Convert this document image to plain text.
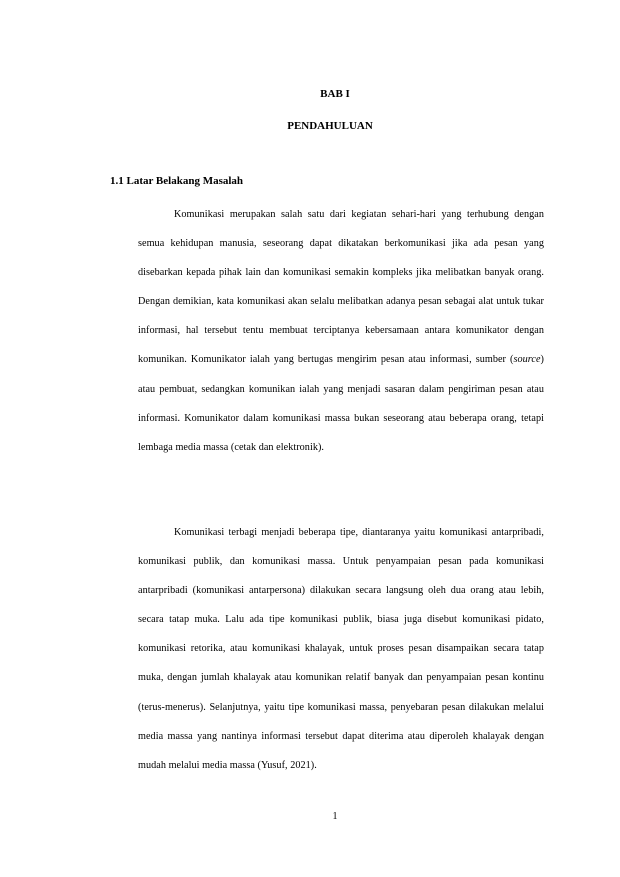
BAB I
PENDAHULUAN
1.1 Latar Belakang Masalah

Komunikasi merupakan salah satu dari kegiatan sehari-hari yang terhubung dengan semua kehidupan manusia, seseorang dapat dikatakan berkomunikasi jika ada pesan yang disebarkan kepada pihak lain dan komunikasi semakin kompleks jika melibatkan banyak orang. Dengan demikian, kata komunikasi akan selalu melibatkan adanya pesan sebagai alat untuk tukar informasi, hal tersebut tentu membuat terciptanya kebersamaan antara komunikator dengan komunikan. Komunikator ialah yang bertugas mengirim pesan atau informasi, sumber (source) atau pembuat, sedangkan komunikan ialah yang menjadi sasaran dalam pengiriman pesan atau informasi. Komunikator dalam komunikasi massa bukan seseorang atau beberapa orang, tetapi lembaga media massa (cetak dan elektronik).

Komunikasi terbagi menjadi beberapa tipe, diantaranya yaitu komunikasi antarpribadi, komunikasi publik, dan komunikasi massa. Untuk penyampaian pesan pada komunikasi antarpribadi (komunikasi antarpersona) dilakukan secara langsung oleh dua orang atau lebih, secara tatap muka. Lalu ada tipe komunikasi publik, biasa juga disebut komunikasi pidato, komunikasi retorika, atau komunikasi khalayak, untuk proses pesan disampaikan secara tatap muka, dengan jumlah khalayak atau komunikan relatif banyak dan penyampaian pesan kontinu (terus-menerus). Selanjutnya, yaitu tipe komunikasi massa, penyebaran pesan dilakukan melalui media massa yang nantinya informasi tersebut dapat diterima atau diperoleh khalayak dengan mudah melalui media massa (Yusuf, 2021).

1
